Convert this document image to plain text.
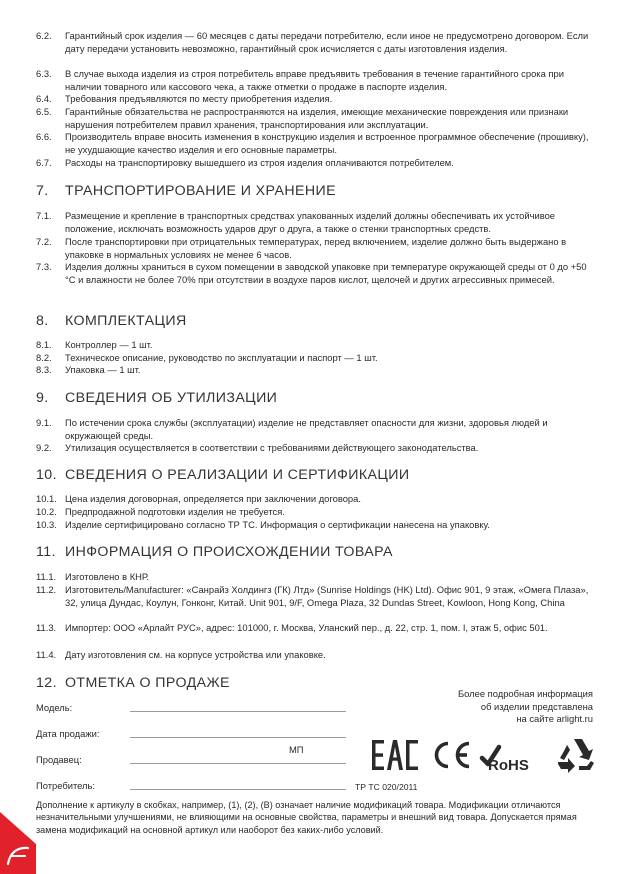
6.2.	Гарантийный срок изделия — 60 месяцев с даты передачи потребителю, если иное не предусмотрено договором. Если дату передачи установить невозможно, гарантийный срок исчисляется с даты изготовления изделия.
6.3.	В случае выхода изделия из строя потребитель вправе предъявить требования в течение гарантийного срока при наличии товарного или кассового чека, а также отметки о продаже в паспорте изделия.
6.4.	Требования предъявляются по месту приобретения изделия.
6.5.	Гарантийные обязательства не распространяются на изделия, имеющие механические повреждения или признаки нарушения потребителем правил хранения, транспортирования или эксплуатации.
6.6.	Производитель вправе вносить изменения в конструкцию изделия и встроенное программное обеспечение (прошивку), не ухудшающие качество изделия и его основные параметры.
6.7.	Расходы на транспортировку вышедшего из строя изделия оплачиваются потребителем.
7.	ТРАНСПОРТИРОВАНИЕ И ХРАНЕНИЕ
7.1.	Размещение и крепление в транспортных средствах упакованных изделий должны обеспечивать их устойчивое положение, исключать возможность ударов друг о друга, а также о стенки транспортных средств.
7.2.	После транспортировки при отрицательных температурах, перед включением, изделие должно быть выдержано в упаковке в нормальных условиях не менее 6 часов.
7.3.	Изделия должны храниться в сухом помещении в заводской упаковке при температуре окружающей среды от 0 до +50 °C и влажности не более 70% при отсутствии в воздухе паров кислот, щелочей и других агрессивных примесей.
8.	КОМПЛЕКТАЦИЯ
8.1.	Контроллер — 1 шт.
8.2.	Техническое описание, руководство по эксплуатации и паспорт — 1 шт.
8.3.	Упаковка — 1 шт.
9.	СВЕДЕНИЯ ОБ УТИЛИЗАЦИИ
9.1.	По истечении срока службы (эксплуатации) изделие не представляет опасности для жизни, здоровья людей и окружающей среды.
9.2.	Утилизация осуществляется в соответствии с требованиями действующего законодательства.
10. СВЕДЕНИЯ О РЕАЛИЗАЦИИ И СЕРТИФИКАЦИИ
10.1. Цена изделия договорная, определяется при заключении договора.
10.2. Предпродажной подготовки изделия не требуется.
10.3. Изделие сертифицировано согласно ТР ТС. Информация о сертификации нанесена на упаковку.
11. ИНФОРМАЦИЯ О ПРОИСХОЖДЕНИИ ТОВАРА
11.1. Изготовлено в КНР.
11.2. Изготовитель/Manufacturer: «Санрайз Холдингз (ГК) Лтд» (Sunrise Holdings (HK) Ltd). Офис 901, 9 этаж, «Омега Плаза», 32, улица Дундас, Коулун, Гонконг, Китай. Unit 901, 9/F, Omega Plaza, 32 Dundas Street, Kowloon, Hong Kong, China
11.3. Импортер: ООО «Арлайт РУС», адрес: 101000, г. Москва, Уланский пер., д. 22, стр. 1, пом. I, этаж 5, офис 501.
11.4. Дату изготовления см. на корпусе устройства или упаковке.
12. ОТМЕТКА О ПРОДАЖЕ
Модель:
Дата продажи:
МП
Продавец:
Потребитель:
Более подробная информация
об изделии представлена
на сайте arlight.ru
RoHS
ТР ТС 020/2011
Дополнение к артикулу в скобках, например, (1), (2), (В) означает наличие модификаций товара. Модификации отличаются незначительными улучшениями, не влияющими на основные свойства, параметры и внешний вид товара. Допускается прямая замена модификаций на основной артикул или наоборот без каких-либо условий.
